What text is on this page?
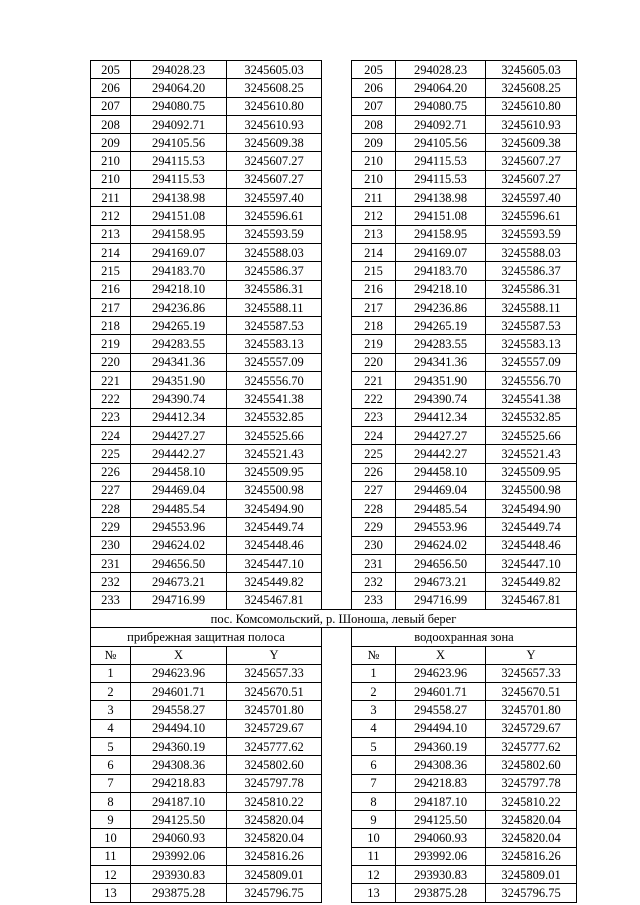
205	294028.23	3245605.03		205	294028.23	3245605.03
206	294064.20	3245608.25		206	294064.20	3245608.25
207	294080.75	3245610.80		207	294080.75	3245610.80
208	294092.71	3245610.93		208	294092.71	3245610.93
209	294105.56	3245609.38		209	294105.56	3245609.38
210	294115.53	3245607.27		210	294115.53	3245607.27
210	294115.53	3245607.27		210	294115.53	3245607.27
211	294138.98	3245597.40		211	294138.98	3245597.40
212	294151.08	3245596.61		212	294151.08	3245596.61
213	294158.95	3245593.59		213	294158.95	3245593.59
214	294169.07	3245588.03		214	294169.07	3245588.03
215	294183.70	3245586.37		215	294183.70	3245586.37
216	294218.10	3245586.31		216	294218.10	3245586.31
217	294236.86	3245588.11		217	294236.86	3245588.11
218	294265.19	3245587.53		218	294265.19	3245587.53
219	294283.55	3245583.13		219	294283.55	3245583.13
220	294341.36	3245557.09		220	294341.36	3245557.09
221	294351.90	3245556.70		221	294351.90	3245556.70
222	294390.74	3245541.38		222	294390.74	3245541.38
223	294412.34	3245532.85		223	294412.34	3245532.85
224	294427.27	3245525.66		224	294427.27	3245525.66
225	294442.27	3245521.43		225	294442.27	3245521.43
226	294458.10	3245509.95		226	294458.10	3245509.95
227	294469.04	3245500.98		227	294469.04	3245500.98
228	294485.54	3245494.90		228	294485.54	3245494.90
229	294553.96	3245449.74		229	294553.96	3245449.74
230	294624.02	3245448.46		230	294624.02	3245448.46
231	294656.50	3245447.10		231	294656.50	3245447.10
232	294673.21	3245449.82		232	294673.21	3245449.82
233	294716.99	3245467.81		233	294716.99	3245467.81
пос. Комсомольский, р. Шоноша, левый берег						
прибрежная защитная полоса				водоохранная зона		
№	X	Y		№	X	Y
1	294623.96	3245657.33		1	294623.96	3245657.33
2	294601.71	3245670.51		2	294601.71	3245670.51
3	294558.27	3245701.80		3	294558.27	3245701.80
4	294494.10	3245729.67		4	294494.10	3245729.67
5	294360.19	3245777.62		5	294360.19	3245777.62
6	294308.36	3245802.60		6	294308.36	3245802.60
7	294218.83	3245797.78		7	294218.83	3245797.78
8	294187.10	3245810.22		8	294187.10	3245810.22
9	294125.50	3245820.04		9	294125.50	3245820.04
10	294060.93	3245820.04		10	294060.93	3245820.04
11	293992.06	3245816.26		11	293992.06	3245816.26
12	293930.83	3245809.01		12	293930.83	3245809.01
13	293875.28	3245796.75		13	293875.28	3245796.75
